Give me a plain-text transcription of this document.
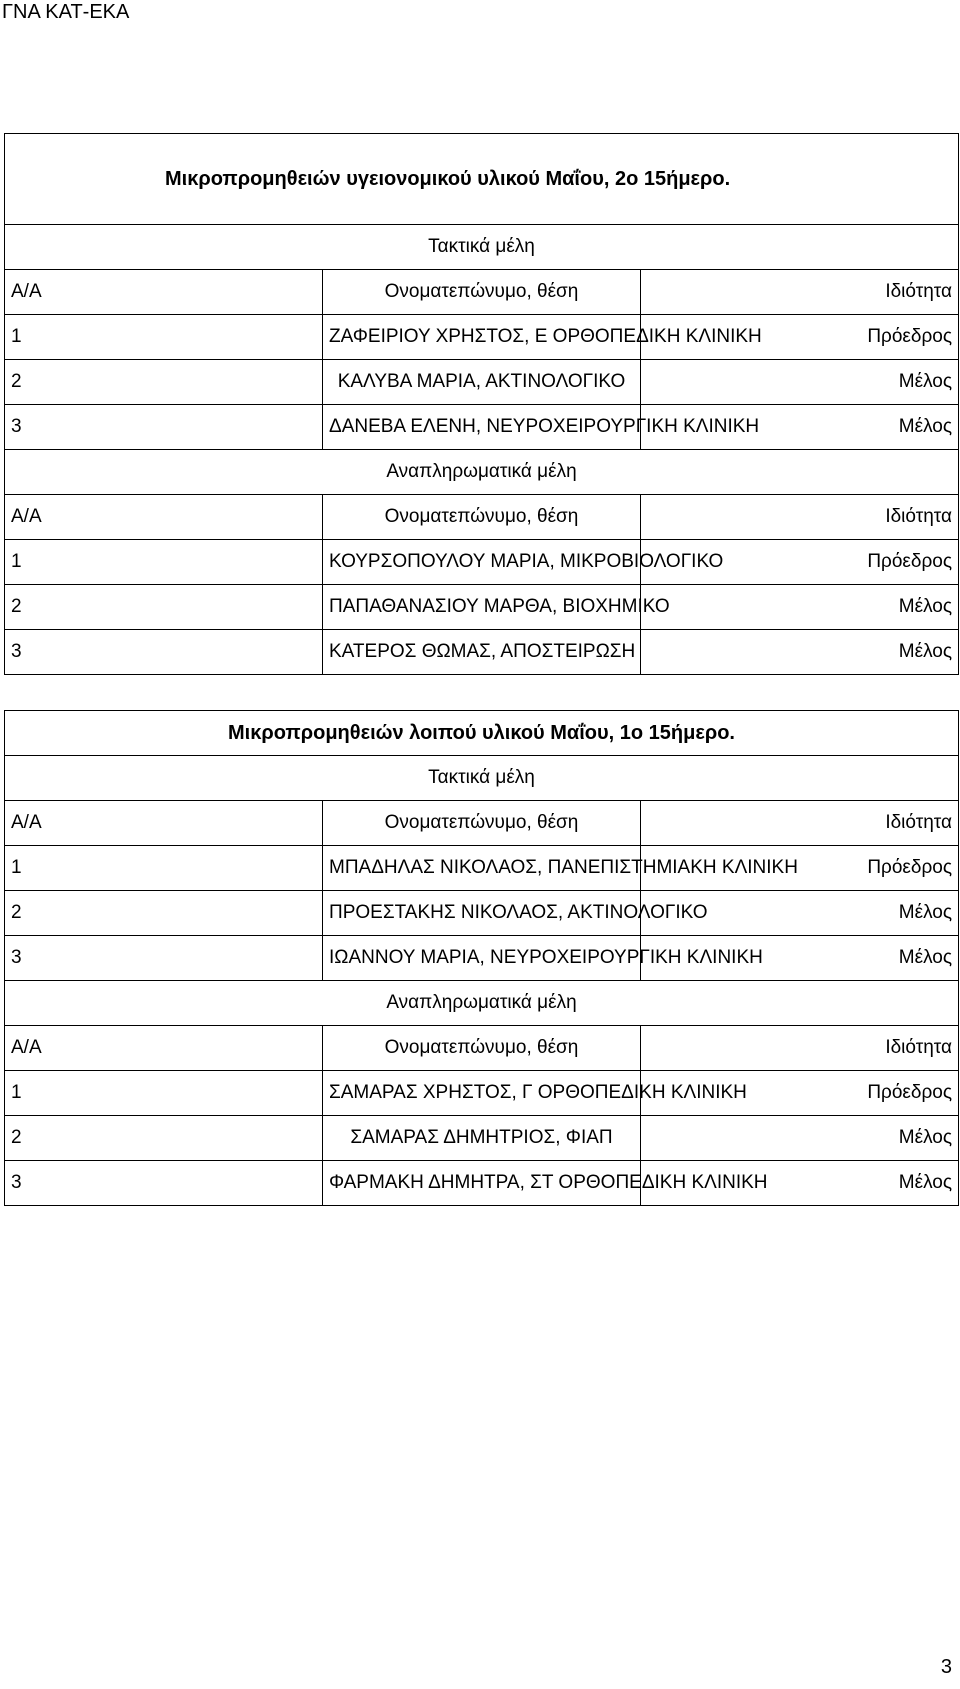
ΓΝΑ ΚΑΤ-ΕΚΑ
Μικροπρομηθειών υγειονομικού υλικού Μαΐου, 2ο 15ήμερο.		
Τακτικά μέλη		
Α/Α	Ονοματεπώνυμο, θέση	Ιδιότητα
1	ΖΑΦΕΙΡΙΟΥ ΧΡΗΣΤΟΣ, Ε ΟΡΘΟΠΕΔΙΚΗ ΚΛΙΝΙΚΗ	Πρόεδρος
2	ΚΑΛΥΒΑ ΜΑΡΙΑ, ΑΚΤΙΝΟΛΟΓΙΚΟ	Μέλος
3	ΔΑΝΕΒΑ ΕΛΕΝΗ, ΝΕΥΡΟΧΕΙΡΟΥΡΓΙΚΗ ΚΛΙΝΙΚΗ	Μέλος
Αναπληρωματικά μέλη		
Α/Α	Ονοματεπώνυμο, θέση	Ιδιότητα
1	ΚΟΥΡΣΟΠΟΥΛΟΥ ΜΑΡΙΑ, ΜΙΚΡΟΒΙΟΛΟΓΙΚΟ	Πρόεδρος
2	ΠΑΠΑΘΑΝΑΣΙΟΥ ΜΑΡΘΑ, ΒΙΟΧΗΜΙΚΟ	Μέλος
3	ΚΑΤΕΡΟΣ ΘΩΜΑΣ, ΑΠΟΣΤΕΙΡΩΣΗ	Μέλος
Μικροπρομηθειών λοιπού υλικού Μαΐου, 1ο 15ήμερο.		
Τακτικά μέλη		
Α/Α	Ονοματεπώνυμο, θέση	Ιδιότητα
1	ΜΠΑΔΗΛΑΣ ΝΙΚΟΛΑΟΣ, ΠΑΝΕΠΙΣΤΗΜΙΑΚΗ ΚΛΙΝΙΚΗ	Πρόεδρος
2	ΠΡΟΕΣΤΑΚΗΣ ΝΙΚΟΛΑΟΣ, ΑΚΤΙΝΟΛΟΓΙΚΟ	Μέλος
3	ΙΩΑΝΝΟΥ ΜΑΡΙΑ, ΝΕΥΡΟΧΕΙΡΟΥΡΓΙΚΗ ΚΛΙΝΙΚΗ	Μέλος
Αναπληρωματικά μέλη		
Α/Α	Ονοματεπώνυμο, θέση	Ιδιότητα
1	ΣΑΜΑΡΑΣ ΧΡΗΣΤΟΣ, Γ ΟΡΘΟΠΕΔΙΚΗ ΚΛΙΝΙΚΗ	Πρόεδρος
2	ΣΑΜΑΡΑΣ ΔΗΜΗΤΡΙΟΣ, ΦΙΑΠ	Μέλος
3	ΦΑΡΜΑΚΗ ΔΗΜΗΤΡΑ, ΣΤ ΟΡΘΟΠΕΔΙΚΗ ΚΛΙΝΙΚΗ	Μέλος
3
